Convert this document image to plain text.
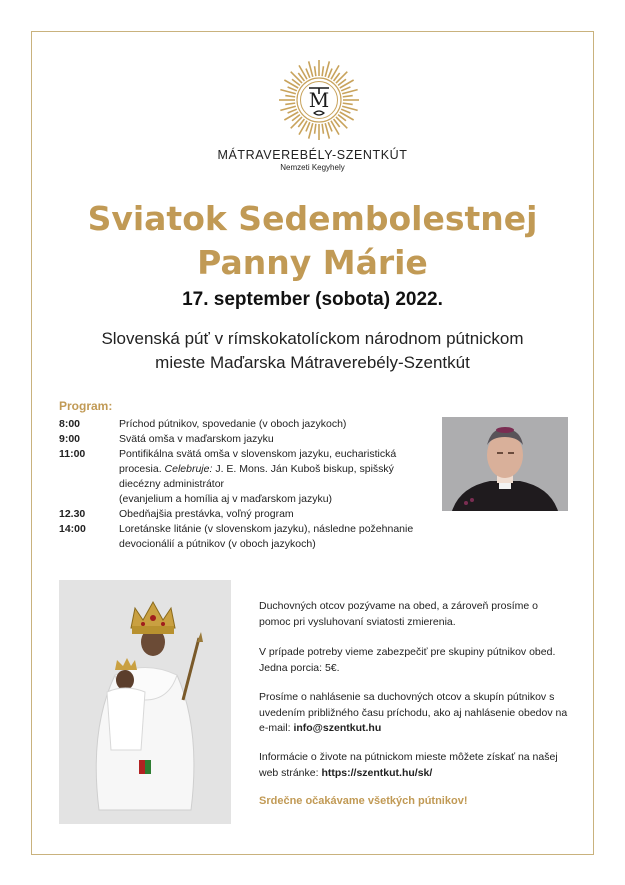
M
MÁTRAVEREBÉLY-SZENTKÚT
Nemzeti Kegyhely
Sviatok Sedembolestnej
Panny Márie
17. september (sobota) 2022.
Slovenská púť v rímskokatolíckom národnom pútnickom
mieste Maďarska Mátraverebély-Szentkút
Program:
8:00	Príchod pútnikov, spovedanie (v oboch jazykoch)
9:00	Svätá omša v maďarskom jazyku
11:00	Pontifikálna svätá omša v slovenskom jazyku, eucharistická
procesia. Celebruje: J. E. Mons. Ján Kuboš biskup, spišský
diecézny administrátor
(evanjelium a homília aj v maďarskom jazyku)
12.30	Obedňajšia prestávka, voľný program
14:00	Loretánske litánie (v slovenskom jazyku), následne požehnanie
devocionálií a pútnikov (v oboch jazykoch)
Duchovných otcov pozývame na obed, a zároveň prosíme o pomoc pri vysluhovaní sviatosti zmierenia.
V prípade potreby vieme zabezpečiť pre skupiny pútnikov obed. Jedna porcia: 5€.
Prosíme o nahlásenie sa duchovných otcov a skupín pútnikov s uvedením približného času príchodu, ako aj nahlásenie obedov na e-mail: info@szentkut.hu
Informácie o živote na pútnickom mieste môžete získať na našej web stránke: https://szentkut.hu/sk/
Srdečne očakávame všetkých pútnikov!
